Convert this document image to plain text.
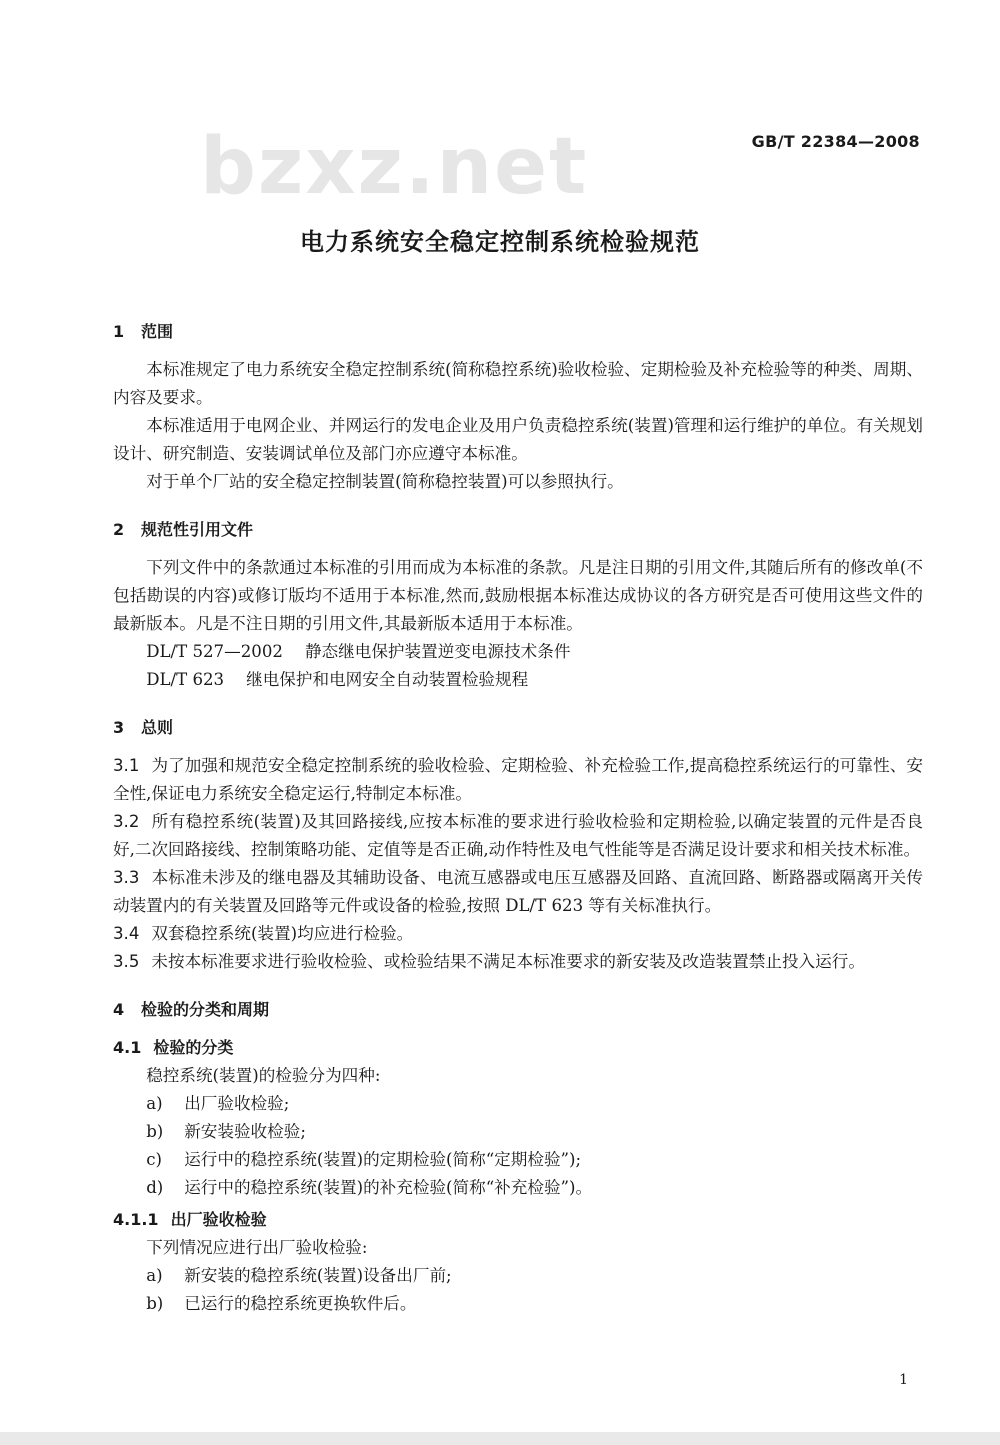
bzxz.net	GB/T 22384—2008
电力系统安全稳定控制系统检验规范
1 范围

本标准规定了电力系统安全稳定控制系统(简称稳控系统)验收检验、定期检验及补充检验等的种类、周期、内容及要求。

本标准适用于电网企业、并网运行的发电企业及用户负责稳控系统(装置)管理和运行维护的单位。有关规划设计、研究制造、安装调试单位及部门亦应遵守本标准。

对于单个厂站的安全稳定控制装置(简称稳控装置)可以参照执行。

2 规范性引用文件

下列文件中的条款通过本标准的引用而成为本标准的条款。凡是注日期的引用文件,其随后所有的修改单(不包括勘误的内容)或修订版均不适用于本标准,然而,鼓励根据本标准达成协议的各方研究是否可使用这些文件的最新版本。凡是不注日期的引用文件,其最新版本适用于本标准。

DL/T 527—2002 静态继电保护装置逆变电源技术条件

DL/T 623 继电保护和电网安全自动装置检验规程

3 总则

3.1 为了加强和规范安全稳定控制系统的验收检验、定期检验、补充检验工作,提高稳控系统运行的可靠性、安全性,保证电力系统安全稳定运行,特制定本标准。

3.2 所有稳控系统(装置)及其回路接线,应按本标准的要求进行验收检验和定期检验,以确定装置的元件是否良好,二次回路接线、控制策略功能、定值等是否正确,动作特性及电气性能等是否满足设计要求和相关技术标准。

3.3 本标准未涉及的继电器及其辅助设备、电流互感器或电压互感器及回路、直流回路、断路器或隔离开关传动装置内的有关装置及回路等元件或设备的检验,按照 DL/T 623 等有关标准执行。

3.4 双套稳控系统(装置)均应进行检验。

3.5 未按本标准要求进行验收检验、或检验结果不满足本标准要求的新安装及改造装置禁止投入运行。

4 检验的分类和周期
4.1 检验的分类

稳控系统(装置)的检验分为四种:

a) 出厂验收检验;

b) 新安装验收检验;

c) 运行中的稳控系统(装置)的定期检验(简称“定期检验”);

d) 运行中的稳控系统(装置)的补充检验(简称“补充检验”)。

4.1.1 出厂验收检验

下列情况应进行出厂验收检验:

a) 新安装的稳控系统(装置)设备出厂前;

b) 已运行的稳控系统更换软件后。

1
